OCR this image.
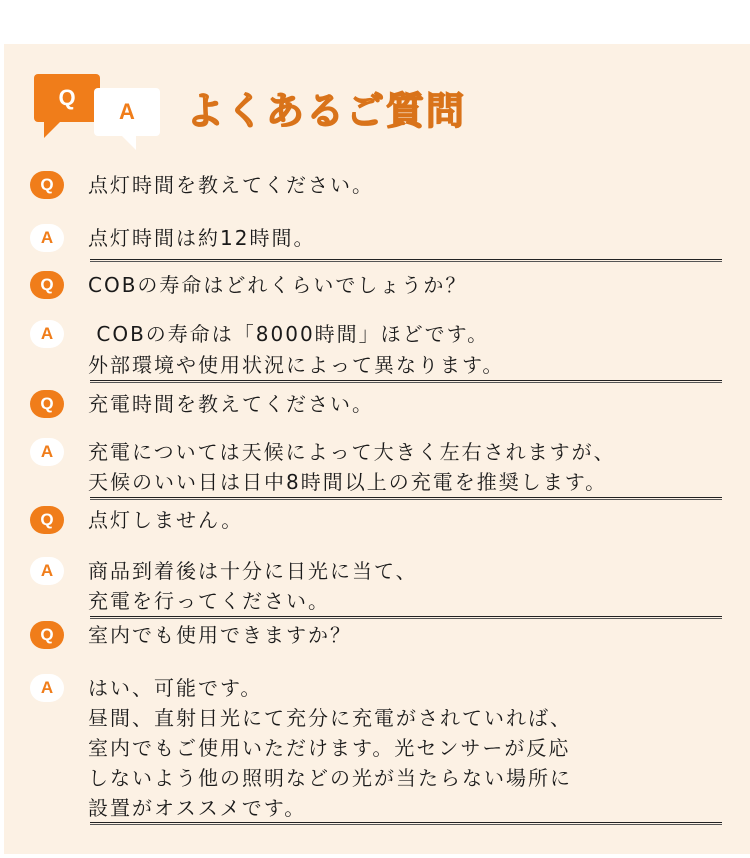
Q
A	よくあるご質問
Q	点灯時間を教えてください。
A	点灯時間は約12時間。
Q	COBの寿命はどれくらいでしょうか？
A	COBの寿命は「8000時間」ほどです。
外部環境や使用状況によって異なります。
Q	充電時間を教えてください。
A	充電については天候によって大きく左右されますが、
天候のいい日は日中8時間以上の充電を推奨します。
Q	点灯しません。
A	商品到着後は十分に日光に当て、
充電を行ってください。
Q	室内でも使用できますか？
A	はい、可能です。
昼間、直射日光にて充分に充電がされていれば、
室内でもご使用いただけます。光センサーが反応
しないよう他の照明などの光が当たらない場所に
設置がオススメです。
